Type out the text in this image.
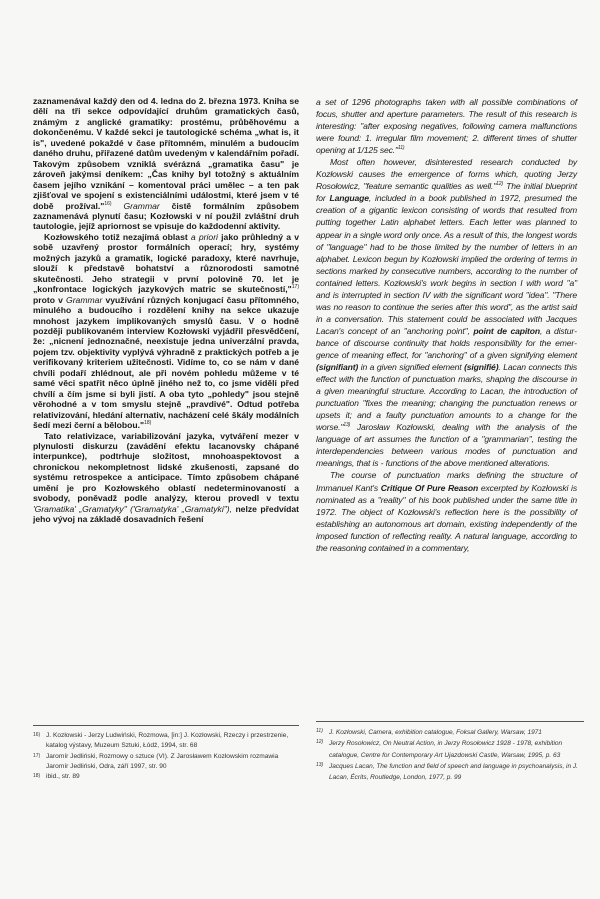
zaznamenával každý den od 4. ledna do 2. března 1973. Kniha se dělí na tři sekce odpovídající druhům gramatických časů, známým z anglické gramatiky: prostému, průběhovému a dokončenému. V každé sekci je tautologické schéma „what is, it is", uvedené pokaždé v čase přítomném, minulém a budoucím daného druhu, přiřazené datům uvedeným v kalendářním pořadí. Takovým způsobem vzniklá svérázná „gramatika času" je zároveň jakýmsi deníkem: „Čas knihy byl totožný s aktuálním časem jejího vznikání – komentoval práci umělec – a ten pak zjišťoval ve spojení s existenciálními událostmi, které jsem v té době prožíval."$^{16)}$ Grammar čistě formálním způsobem zaznamenává plynutí času; Kozłowski v ní použil zvláštní druh tautologie, jejíž apriornost se vpisuje do každodenní aktivity.

Kozłowského totiž nezajímá oblast a priori jako průhledný a v sobě uzavřený prostor formálních operací; hry, systémy možných jazyků a gramatik, logické paradoxy, které navrhuje, slouží k představě bohatství a různorodosti samotné skutečnosti. Jeho strategii v první polovině 70. let je „konfrontace logických jazykových matric se skutečností,"$^{17)}$ proto v Grammar využívání různých konjugací času přítomného, minulého a budoucího i rozdělení knihy na sekce ukazuje mnohost jazykem implikovaných smyslů času. V o hodně později publikovaném interview Kozłowski vyjádřil přesvědčení, že: „nicnení jednoznačné, neexistuje jedna univerzální pravda, pojem tzv. objektivity vyplývá výhradně z praktických potřeb a je verifikovaný kriteriem užitečnosti. Vidíme to, co se nám v dané chvíli podaří zhlédnout, ale při novém pohledu můžeme v té samé věci spatřit něco úplně jiného než to, co jsme viděli před chvílí a čím jsme si byli jistí. A oba tyto „pohledy" jsou stejně věrohodné a v tom smyslu stejně „pravdivé". Odtud potřeba relativizování, hledání alternativ, nacházení celé škály modálních šedí mezi černí a bělobou."$^{18)}$

Tato relativizace, variabilizování jazyka, vytváření mezer v plynulosti diskurzu (zavádění efektu lacanovsky chápané interpunkce), podtrhuje složitost, mnohoaspektovost a chronickou nekompletnost lidské zkušenosti, zapsané do systému retrospekce a anticipace. Tímto způsobem chápané umění je pro Kozłowského oblastí nedeterminovaností a svobody, poněvadž podle analýzy, kterou provedl v textu 'Gramatika' „Gramatyky" ('Gramatyka' „Gramatyki"), nelze předvídat jeho vývoj na základě dosavadních řešení

a set of 1296 photographs taken with all possible combinations of focus, shutter and aperture parameters. The result of this research is interesting: "after exposing negatives, following camera malfunctions were found: 1. irregular film movement; 2. different times of shutter opening at 1/125 sec."$^{11)}$

Most often however, disinterested research conducted by Kozłowski causes the emergence of forms which, quoting Jerzy Rosołowicz, "feature semantic qualities as well."$^{12)}$ The initial blueprint for Language, included in a book published in 1972, presumed the creation of a gigantic lexicon consisting of words that resulted from putting together Latin alphabet letters. Each letter was planned to appear in a single word only once. As a result of this, the longest words of "language" had to be those limited by the number of letters in an alphabet. Lexicon begun by Kozłowski implied the ordering of terms in sections marked by consecutive numbers, according to the number of contained letters. Kozłowski's work begins in section I with word "a" and is interrupted in section IV with the significant word "idea". "There was no reason to continue the series after this word", as the artist said in a conversation. This statement could be associated with Jacques Lacan's concept of an "anchoring point", point de capiton, a disturbance of discourse continuity that holds responsibility for the emergence of meaning effect, for "anchoring" of a given signifying element (signifiant) in a given signified element (signifié). Lacan connects this effect with the function of punctuation marks, shaping the discourse in a given meaningful structure. According to Lacan, the introduction of punctuation "fixes the meaning; changing the punctuation renews or upsets it; and a faulty punctuation amounts to a change for the worse."$^{13)}$ Jarosław Kozłowski, dealing with the analysis of the language of art assumes the function of a "grammarian", testing the interdependencies between various modes of punctuation and meanings, that is - functions of the above mentioned alterations.

The course of punctuation marks defining the structure of Immanuel Kant's Critique Of Pure Reason excerpted by Kozłowski is nominated as a "reality" of his book published under the same title in 1972. The object of Kozłowski's reflection here is the possibility of establishing an autonomous art domain, existing independently of the imposed function of reflecting reality. A natural language, according to the reasoning contained in a commentary,

16) J. Kozłowski - Jerzy Ludwiński, Rozmowa, [in:] J. Kozłowski, Rzeczy i przestrzenie, katalog výstavy, Muzeum Sztuki, Łódź, 1994, str. 68
17) Jaromír Jedliński, Rozmowy o sztuce (VI). Z Jarosławem Kozłowskim rozmawia Jaromír Jedliński, Odra, září 1997, str. 90
18) ibid., str. 89
11) J. Kozłowski, Camera, exhibition catalogue, Foksal Gallery, Warsaw, 1971
12) Jerzy Rosołowicz, On Neutral Action, in Jerzy Rosołowicz 1928 - 1978, exhibition catalogue, Centre for Contemporary Art Ujazdowski Castle, Warsaw, 1995, p. 63
13) Jacques Lacan, The function and field of speech and language in psychoanalysis, in J. Lacan, Écrits, Routledge, London, 1977, p. 99
